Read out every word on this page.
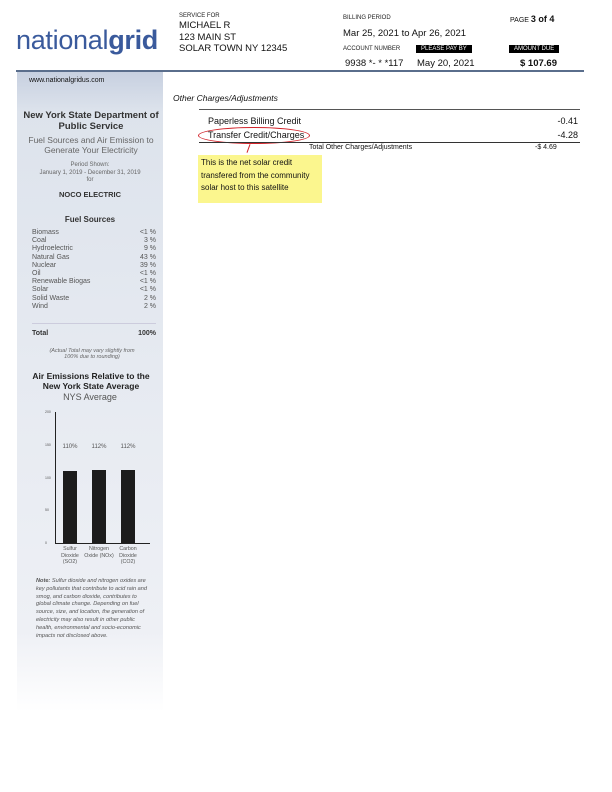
nationalgrid
SERVICE FOR
MICHAEL R
123 MAIN ST
SOLAR TOWN NY 12345
BILLING PERIOD
Mar 25, 2021 to Apr 26, 2021
PAGE 3 of 4
ACCOUNT NUMBER	PLEASE PAY BY	AMOUNT DUE
9938 *- * *117 May 20, 2021	$ 107.69
www.nationalgridus.com
New York State Department of Public Service
Fuel Sources and Air Emission to Generate Your Electricity
Period Shown:
January 1, 2019 - December 31, 2019
for
NOCO ELECTRIC
Fuel Sources
Biomass	<1 %
Coal	3 %
Hydroelectric	9 %
Natural Gas	43 %
Nuclear	39 %
Oil	<1 %
Renewable Biogas	<1 %
Solar	<1 %
Solid Waste	2 %
Wind	2 %
Total	100%
(Actual Total may vary slightly from 100% due to rounding)
Air Emissions Relative to the New York State Average
NYS Average
0
50
100
150
200
110%
Sulfur Dioxide (SO2)
112%
Nitrogen Oxide (NOx)
112%
Carbon Dioxide (CO2)
Note: Sulfur dioxide and nitrogen oxides are key pollutants that contribute to acid rain and smog, and carbon dioxide, contributes to global climate change. Depending on fuel source, size, and location, the generation of electricity may also result in other public health, environmental and socio-economic impacts not disclosed above.
Other Charges/Adjustments
Paperless Billing Credit	-0.41
Transfer Credit/Charges	-4.28
Total Other Charges/Adjustments	-$ 4.69
This is the net solar credit transfered from the community solar host to this satellite
